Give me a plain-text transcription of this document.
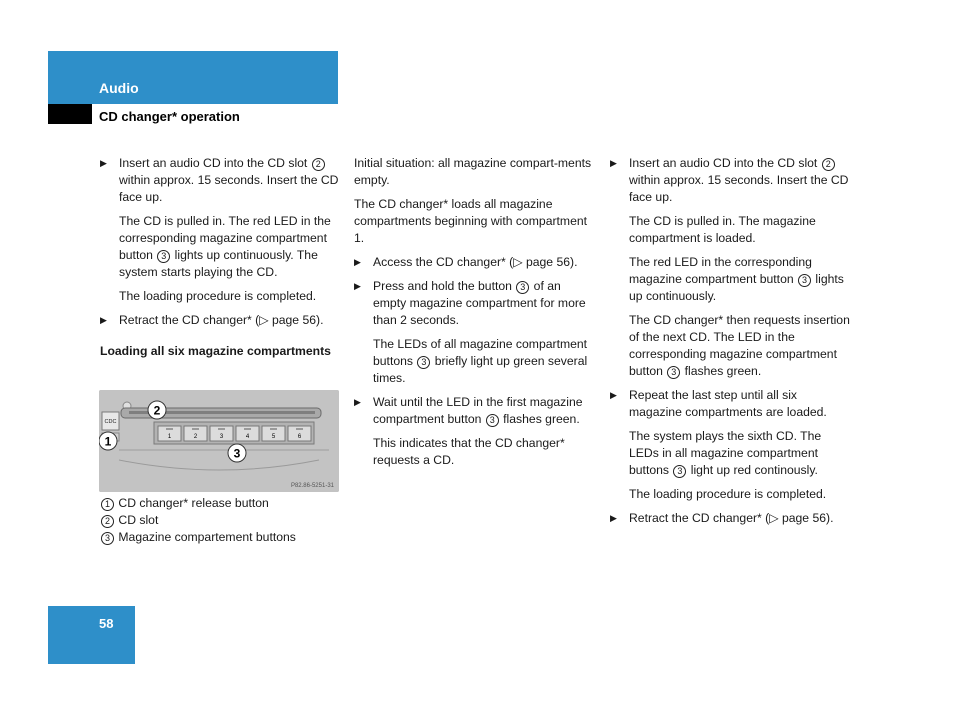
Audio
CD changer* operation
▶ Insert an audio CD into the CD slot 2 within approx. 15 seconds. Insert the CD face up.
The CD is pulled in. The red LED in the corresponding magazine compartment button 3 lights up continuously. The system starts playing the CD.
The loading procedure is completed.
▶ Retract the CD changer* (▷ page 56).
Loading all six magazine compartments
CDC
1	2	3	4	5	6
2
1
3
P82.86-5251-31
1 CD changer* release button
2 CD slot
3 Magazine compartement buttons
Initial situation: all magazine compart-ments empty.
The CD changer* loads all magazine compartments beginning with compartment 1.
▶ Access the CD changer* (▷ page 56).
▶ Press and hold the button 3 of an empty magazine compartment for more than 2 seconds.
The LEDs of all magazine compartment buttons 3 briefly light up green several times.
▶ Wait until the LED in the first magazine compartment button 3 flashes green.
This indicates that the CD changer* requests a CD.
▶ Insert an audio CD into the CD slot 2 within approx. 15 seconds. Insert the CD face up.
The CD is pulled in. The magazine compartment is loaded.
The red LED in the corresponding magazine compartment button 3 lights up continuously.
The CD changer* then requests insertion of the next CD. The LED in the corresponding magazine compartment button 3 flashes green.
▶ Repeat the last step until all six magazine compartments are loaded.
The system plays the sixth CD. The LEDs in all magazine compartment buttons 3 light up red continously.
The loading procedure is completed.
▶ Retract the CD changer* (▷ page 56).
58
